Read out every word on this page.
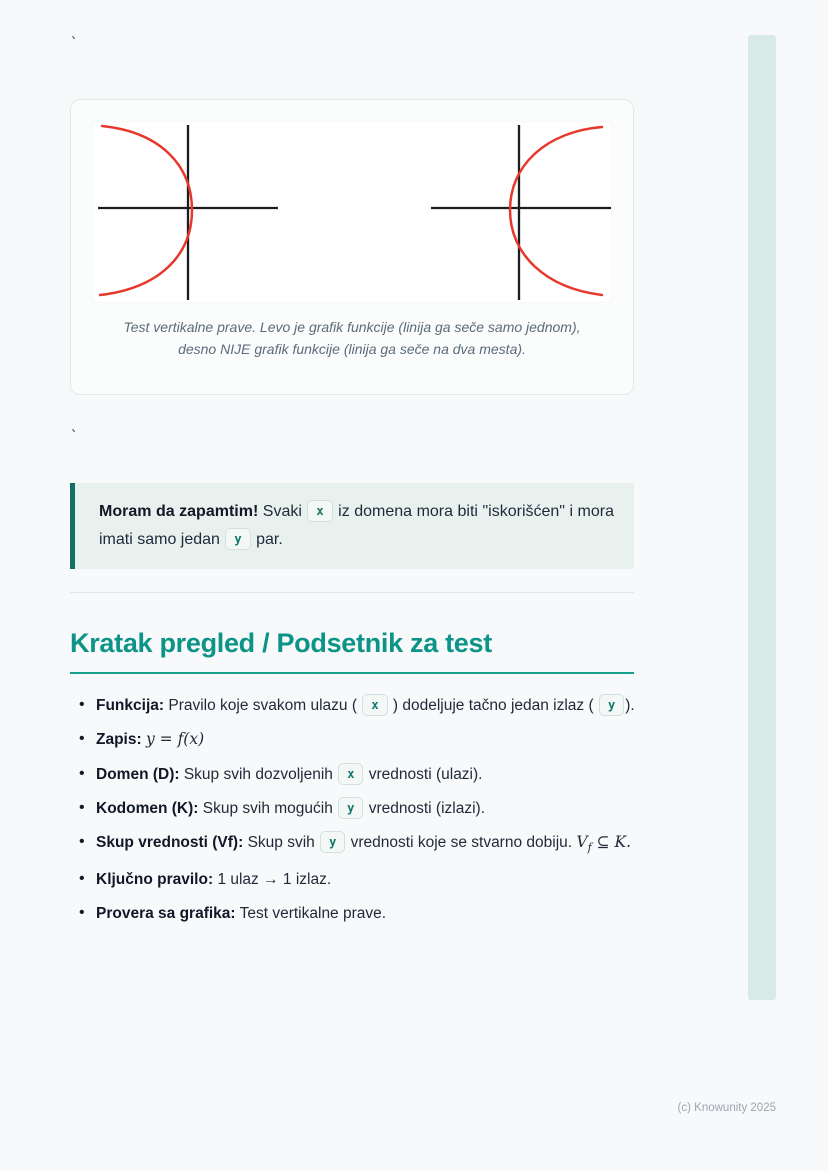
`
Test vertikalne prave. Levo je grafik funkcije (linija ga seče samo jednom),
desno NIJE grafik funkcije (linija ga seče na dva mesta).
`

Moram da zapamtim! Svaki x iz domena mora biti "iskorišćen" i mora imati samo jedan y par.

Kratak pregled / Podsetnik za test
• Funkcija: Pravilo koje svakom ulazu ( x ) dodeljuje tačno jedan izlaz ( y ).
• Zapis: y = f(x)
• Domen (D): Skup svih dozvoljenih x vrednosti (ulazi).
• Kodomen (K): Skup svih mogućih y vrednosti (izlazi).
• Skup vrednosti (Vf): Skup svih y vrednosti koje se stvarno dobiju. $V_f$ ⊆ K.
• Ključno pravilo: 1 ulaz → 1 izlaz.
• Provera sa grafika: Test vertikalne prave.
(c) Knowunity 2025
